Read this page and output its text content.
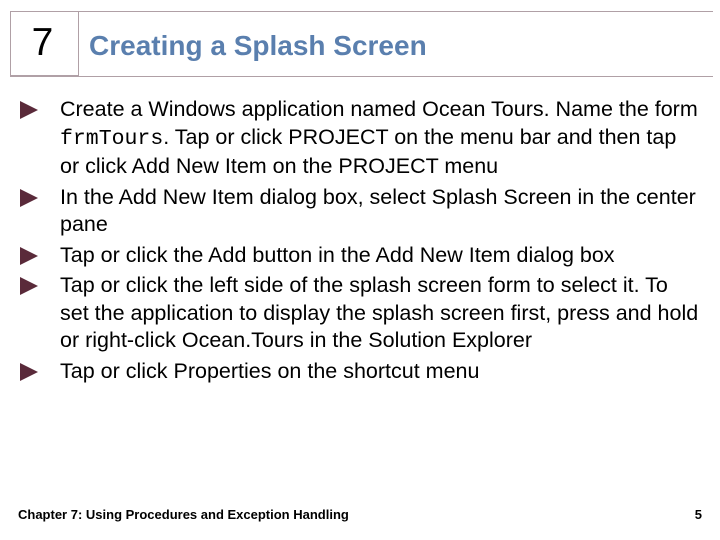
7	Creating a Splash Screen
Create a Windows application named Ocean Tours. Name the form frmTours. Tap or click PROJECT on the menu bar and then tap or click Add New Item on the PROJECT menu
In the Add New Item dialog box, select Splash Screen in the center pane
Tap or click the Add button in the Add New Item dialog box
Tap or click the left side of the splash screen form to select it. To set the application to display the splash screen first, press and hold or right-click Ocean.Tours in the Solution Explorer
Tap or click Properties on the shortcut menu
Chapter 7: Using Procedures and Exception Handling	5
